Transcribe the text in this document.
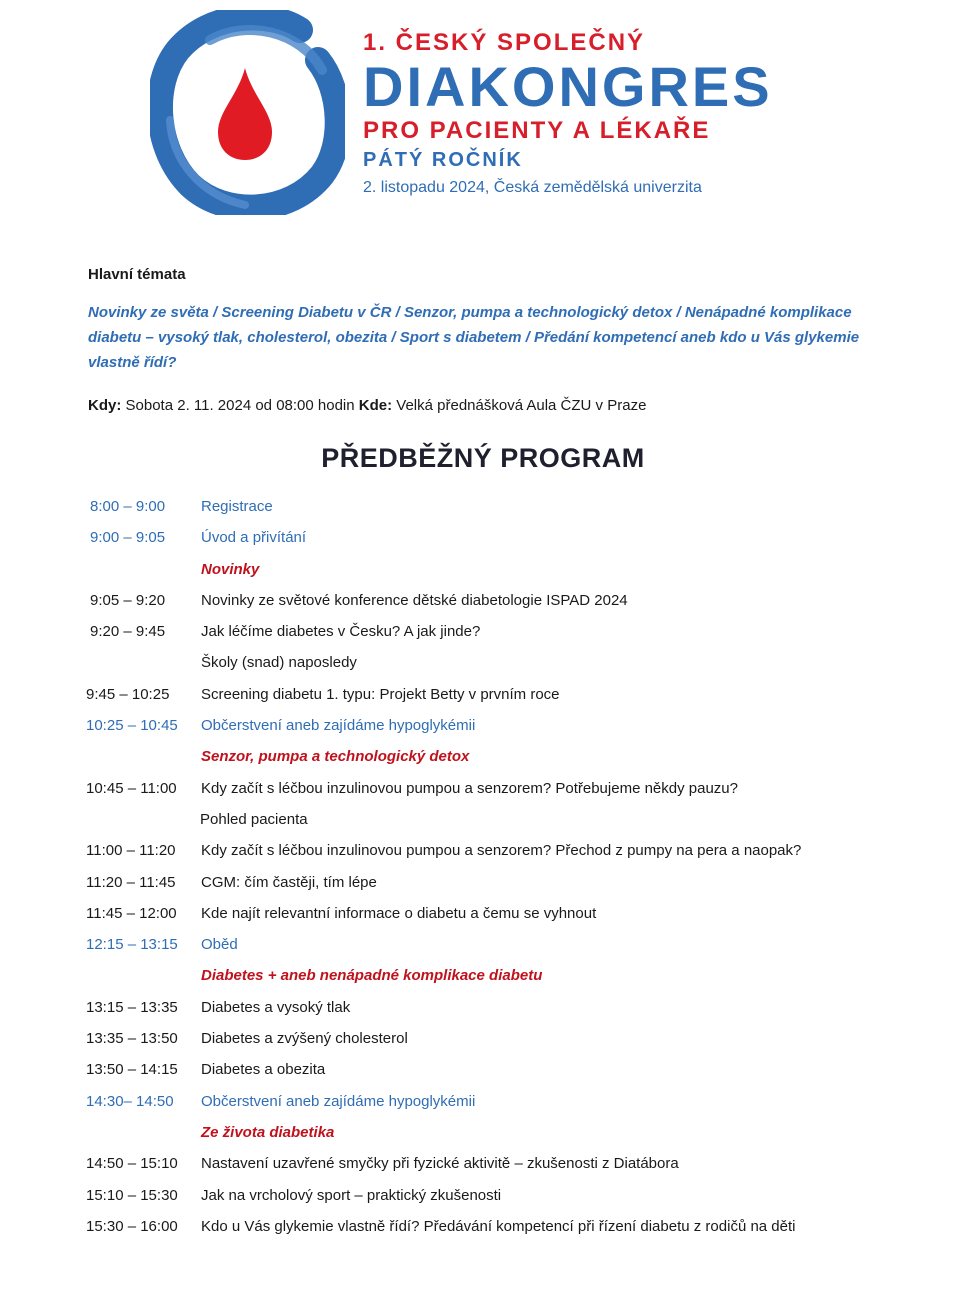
1. ČESKÝ SPOLEČNÝ
DIAKONGRES
PRO PACIENTY A LÉKAŘE
PÁTÝ ROČNÍK
2. listopadu 2024, Česká zemědělská univerzita
Hlavní témata
Novinky ze světa / Screening Diabetu v ČR / Senzor, pumpa a technologický detox / Nenápadné komplikace diabetu – vysoký tlak, cholesterol, obezita / Sport s diabetem / Předání kompetencí aneb kdo u Vás glykemie vlastně řídí?
Kdy: Sobota 2. 11. 2024 od 08:00 hodin Kde: Velká přednášková Aula ČZU v Praze
PŘEDBĚŽNÝ PROGRAM
8:00 – 9:00	Registrace
9:00 – 9:05	Úvod a přivítání
Novinky
9:05 – 9:20	Novinky ze světové konference dětské diabetologie ISPAD 2024
9:20 – 9:45	Jak léčíme diabetes v Česku? A jak jinde?
Školy (snad) naposledy
9:45 – 10:25	Screening diabetu 1. typu: Projekt Betty v prvním roce
10:25 – 10:45	Občerstvení aneb zajídáme hypoglykémii
Senzor, pumpa a technologický detox
10:45 – 11:00	Kdy začít s léčbou inzulinovou pumpou a senzorem? Potřebujeme někdy pauzu?
Pohled pacienta
11:00 – 11:20	Kdy začít s léčbou inzulinovou pumpou a senzorem? Přechod z pumpy na pera a naopak?
11:20 – 11:45	CGM: čím častěji, tím lépe
11:45 – 12:00	Kde najít relevantní informace o diabetu a čemu se vyhnout
12:15 – 13:15	Oběd
Diabetes + aneb nenápadné komplikace diabetu
13:15 – 13:35	Diabetes a vysoký tlak
13:35 – 13:50	Diabetes a zvýšený cholesterol
13:50 – 14:15	Diabetes a obezita
14:30– 14:50	Občerstvení aneb zajídáme hypoglykémii
Ze života diabetika
14:50 – 15:10	Nastavení uzavřené smyčky při fyzické aktivitě – zkušenosti z Diatábora
15:10 – 15:30	Jak na vrcholový sport – praktický zkušenosti
15:30 – 16:00	Kdo u Vás glykemie vlastně řídí? Předávání kompetencí při řízení diabetu z rodičů na děti
